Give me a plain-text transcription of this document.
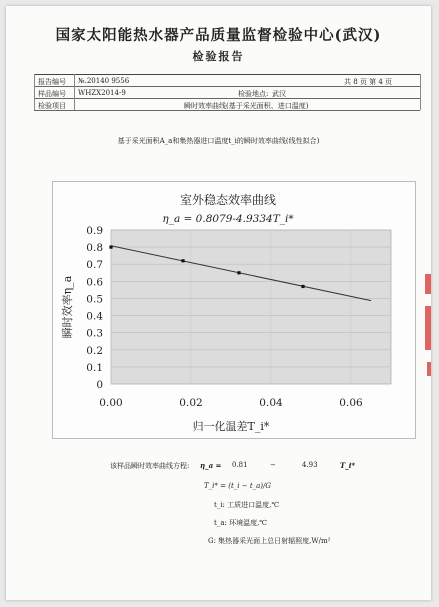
国家太阳能热水器产品质量监督检验中心(武汉)
检验报告
报告编号 №.20140 9556	共 8 页 第 4 页
样品编号 WHZX2014-9	检验地点: 武汉
检验项目	瞬时效率曲线(基于采光面积、进口温度)
基于采光面积A_a和集热器进口温度t_i的瞬时效率曲线(线性拟合)
0
0.1
0.2
0.3
0.4
0.5
0.6
0.7
0.8
0.9
0.00	0.02	0.04	0.06
室外稳态效率曲线
η_a = 0.8079-4.9334T_i*
归一化温差T_i*
瞬时效率η_a
该样品瞬时效率曲线方程: η_a = 0.81	−	4.93	T_i*
T_i* = (t_i − t_a)/G
t_i: 工质进口温度,℃
t_a: 环境温度,℃
G: 集热器采光面上总日射辐照度,W/m²
